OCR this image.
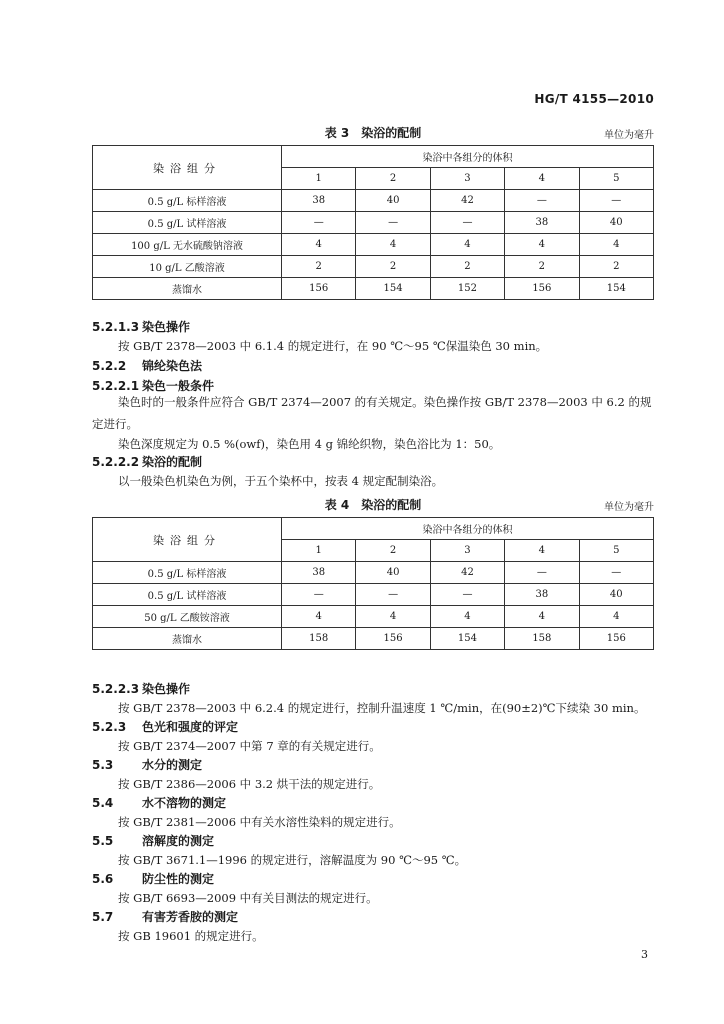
HG/T 4155—2010
表 3　染浴的配制	单位为毫升
染浴组分	染浴中各组分的体积				
	1	2	3	4	5
0.5 g/L 标样溶液	38	40	42	—	—
0.5 g/L 试样溶液	—	—	—	38	40
100 g/L 无水硫酸钠溶液	4	4	4	4	4
10 g/L 乙酸溶液	2	2	2	2	2
蒸馏水	156	154	152	156	154
5.2.1.3 染色操作
按 GB/T 2378—2003 中 6.1.4 的规定进行，在 90 ℃～95 ℃保温染色 30 min。
5.2.2 锦纶染色法
5.2.2.1 染色一般条件
染色时的一般条件应符合 GB/T 2374—2007 的有关规定。染色操作按 GB/T 2378—2003 中 6.2 的规定进行。
染色深度规定为 0.5 %(owf)，染色用 4 g 锦纶织物，染色浴比为 1：50。
5.2.2.2 染浴的配制
以一般染色机染色为例，于五个染杯中，按表 4 规定配制染浴。
表 4　染浴的配制	单位为毫升
染浴组分	染浴中各组分的体积				
	1	2	3	4	5
0.5 g/L 标样溶液	38	40	42	—	—
0.5 g/L 试样溶液	—	—	—	38	40
50 g/L 乙酸铵溶液	4	4	4	4	4
蒸馏水	158	156	154	158	156
5.2.2.3 染色操作
按 GB/T 2378—2003 中 6.2.4 的规定进行，控制升温速度 1 ℃/min，在(90±2)℃下续染 30 min。
5.2.3 色光和强度的评定
按 GB/T 2374—2007 中第 7 章的有关规定进行。
5.3 水分的测定
按 GB/T 2386—2006 中 3.2 烘干法的规定进行。
5.4 水不溶物的测定
按 GB/T 2381—2006 中有关水溶性染料的规定进行。
5.5 溶解度的测定
按 GB/T 3671.1—1996 的规定进行，溶解温度为 90 ℃～95 ℃。
5.6 防尘性的测定
按 GB/T 6693—2009 中有关目测法的规定进行。
5.7 有害芳香胺的测定
按 GB 19601 的规定进行。
3
